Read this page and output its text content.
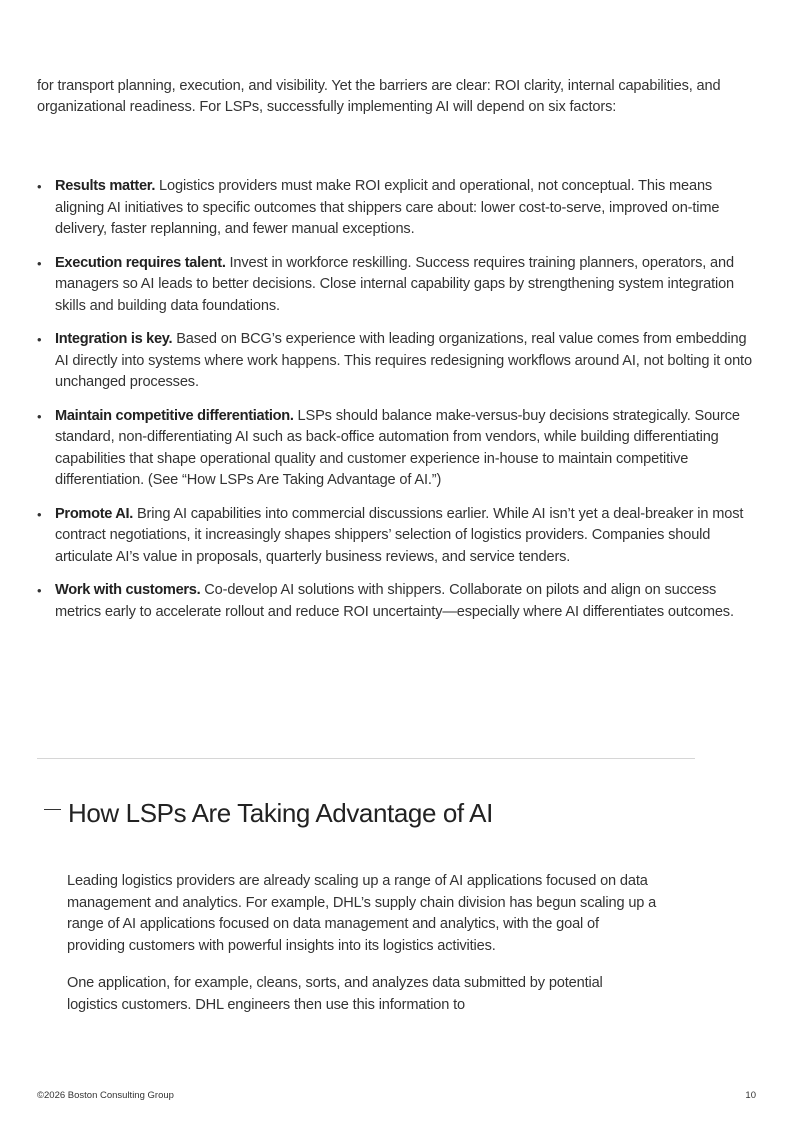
for transport planning, execution, and visibility. Yet the barriers are clear: ROI clarity, internal capabilities, and organizational readiness. For LSPs, successfully implementing AI will depend on six factors:
• Results matter. Logistics providers must make ROI explicit and operational, not conceptual. This means aligning AI initiatives to specific outcomes that shippers care about: lower cost-to-serve, improved on-time delivery, faster replanning, and fewer manual exceptions.
• Execution requires talent. Invest in workforce reskilling. Success requires training planners, operators, and managers so AI leads to better decisions. Close internal capability gaps by strengthening system integration skills and building data foundations.
• Integration is key. Based on BCG’s experience with leading organizations, real value comes from embedding AI directly into systems where work happens. This requires redesigning workflows around AI, not bolting it onto unchanged processes.
• Maintain competitive differentiation. LSPs should balance make-versus-buy decisions strategically. Source standard, non-differentiating AI such as back-office automation from vendors, while building differentiating capabilities that shape operational quality and customer experience in-house to maintain competitive differentiation. (See “How LSPs Are Taking Advantage of AI.”)
• Promote AI. Bring AI capabilities into commercial discussions earlier. While AI isn’t yet a deal-breaker in most contract negotiations, it increasingly shapes shippers’ selection of logistics providers. Companies should articulate AI’s value in proposals, quarterly business reviews, and service tenders.
• Work with customers. Co-develop AI solutions with shippers. Collaborate on pilots and align on success metrics early to accelerate rollout and reduce ROI uncertainty—especially where AI differentiates outcomes.
How LSPs Are Taking Advantage of AI

Leading logistics providers are already scaling up a range of AI applications focused on data management and analytics. For example, DHL’s supply chain division has begun scaling up a range of AI applications focused on data management and analytics, with the goal of providing customers with powerful insights into its logistics activities.

One application, for example, cleans, sorts, and analyzes data submitted by potential logistics customers. DHL engineers then use this information to

©2026 Boston Consulting Group	10
